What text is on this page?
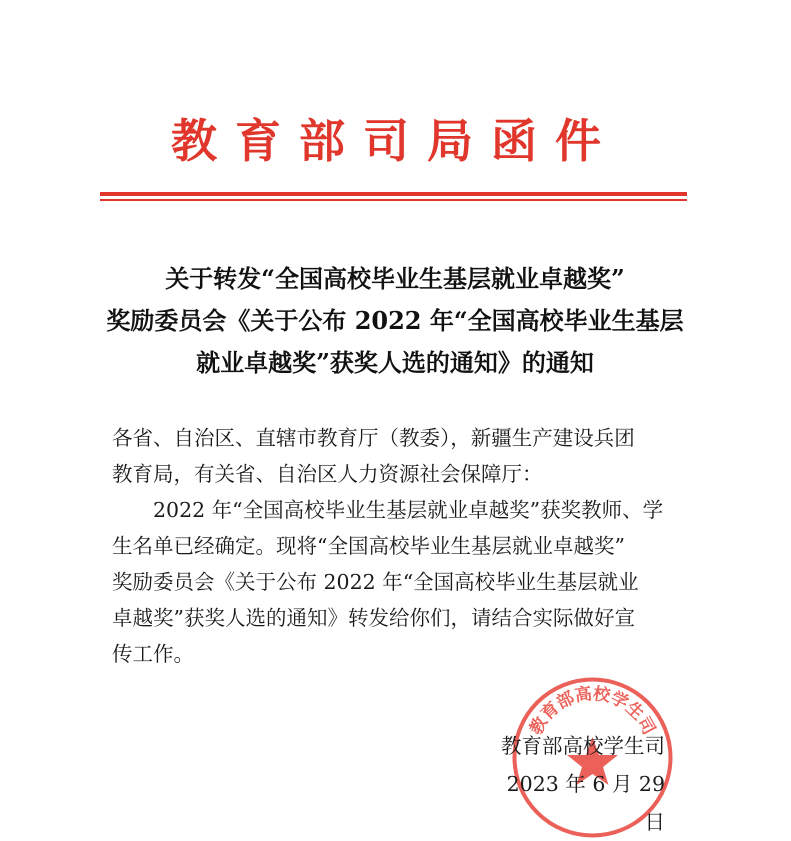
教育部司局函件
关于转发“全国高校毕业生基层就业卓越奖”
奖励委员会《关于公布 2022 年“全国高校毕业生基层
就业卓越奖”获奖人选的通知》的通知
各省、自治区、直辖市教育厅（教委），新疆生产建设兵团
教育局，有关省、自治区人力资源社会保障厅：
　　2022 年“全国高校毕业生基层就业卓越奖”获奖教师、学
生名单已经确定。现将“全国高校毕业生基层就业卓越奖”
奖励委员会《关于公布 2022 年“全国高校毕业生基层就业
卓越奖”获奖人选的通知》转发给你们，请结合实际做好宣
传工作。
教育部高校学生司
教育部高校学生司
2023 年 6 月 29 日
